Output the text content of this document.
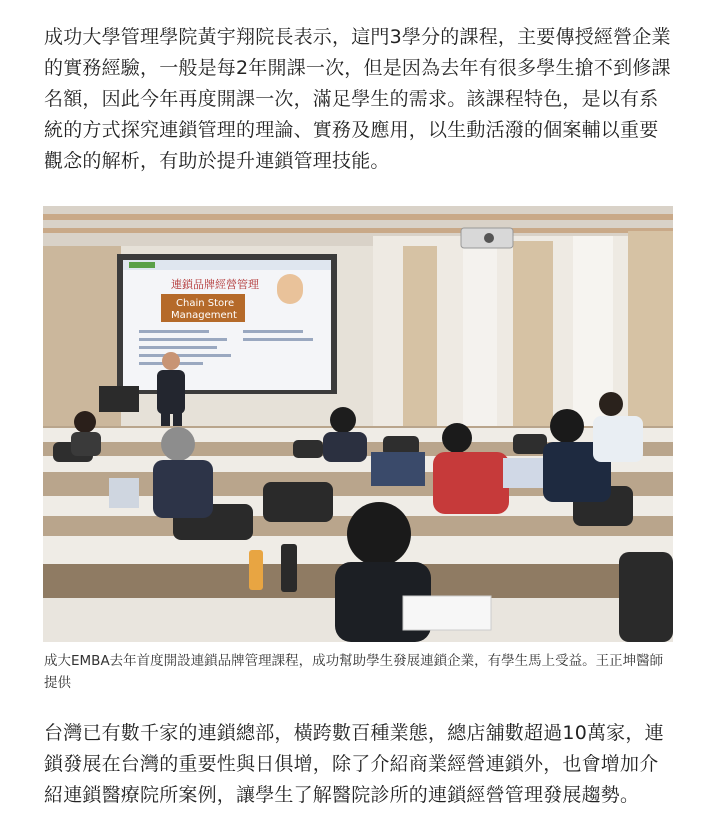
成功大學管理學院黃宇翔院長表示，這門3學分的課程，主要傳授經營企業的實務經驗，一般是每2年開課一次，但是因為去年有很多學生搶不到修課名額，因此今年再度開課一次，滿足學生的需求。該課程特色，是以有系統的方式探究連鎖管理的理論、實務及應用，以生動活潑的個案輔以重要觀念的解析，有助於提升連鎖管理技能。

連鎖品牌經營管理
Chain Store
Management

成大EMBA去年首度開設連鎖品牌管理課程，成功幫助學生發展連鎖企業，有學生馬上受益。王正坤醫師提供

台灣已有數千家的連鎖總部，橫跨數百種業態，總店舖數超過10萬家，連鎖發展在台灣的重要性與日俱增，除了介紹商業經營連鎖外，也會增加介紹連鎖醫療院所案例，讓學生了解醫院診所的連鎖經營管理發展趨勢。
